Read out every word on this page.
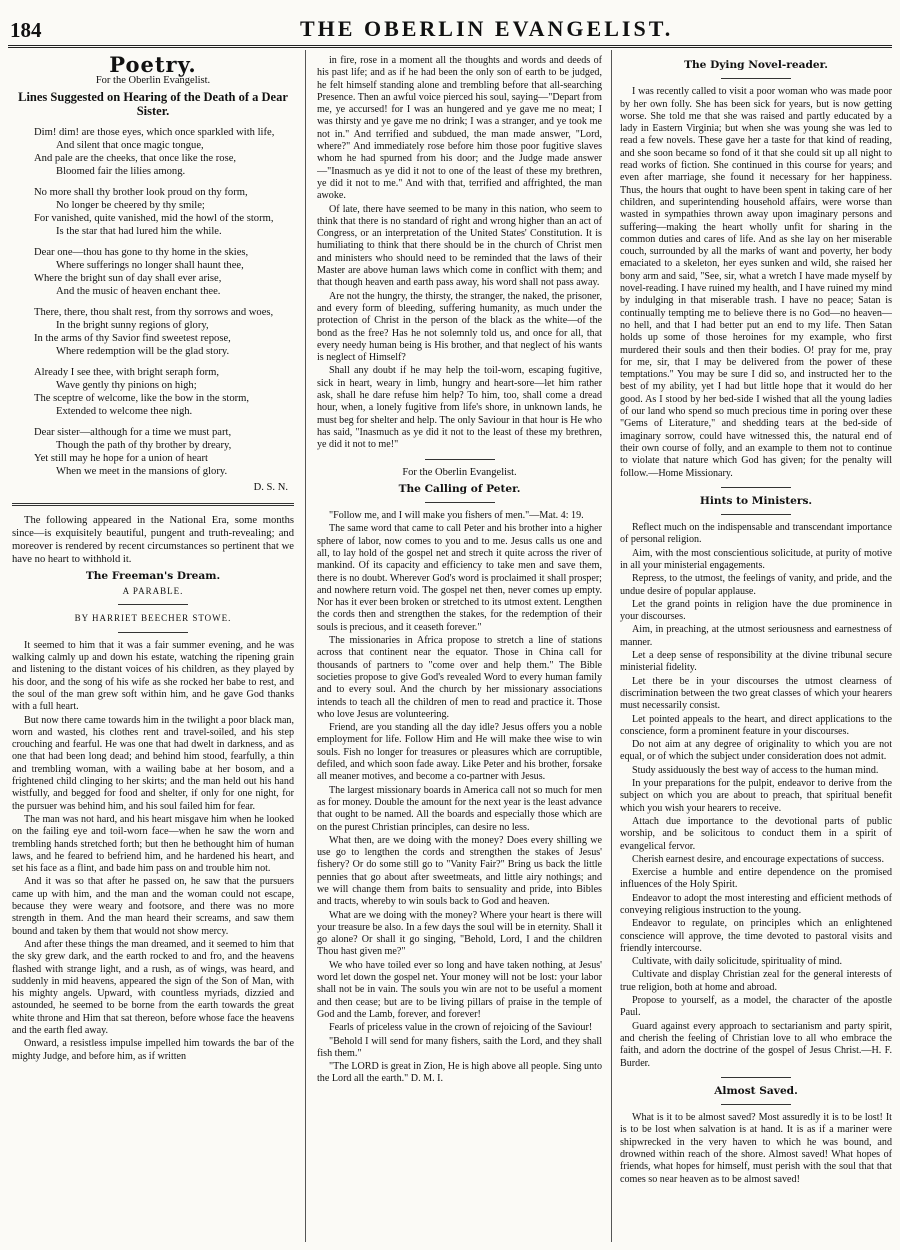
184	THE OBERLIN EVANGELIST.
Poetry.
For the Oberlin Evangelist.
Lines Suggested on Hearing of the Death of a Dear Sister.
Dim! dim! are those eyes, which once sparkled with life,
And silent that once magic tongue,
And pale are the cheeks, that once like the rose,
Bloomed fair the lilies among.
No more shall thy brother look proud on thy form,
No longer be cheered by thy smile;
For vanished, quite vanished, mid the howl of the storm,
Is the star that had lured him the while.
Dear one—thou has gone to thy home in the skies,
Where sufferings no longer shall haunt thee,
Where the bright sun of day shall ever arise,
And the music of heaven enchant thee.
There, there, thou shalt rest, from thy sorrows and woes,
In the bright sunny regions of glory,
In the arms of thy Savior find sweetest repose,
Where redemption will be the glad story.
Already I see thee, with bright seraph form,
Wave gently thy pinions on high;
The sceptre of welcome, like the bow in the storm,
Extended to welcome thee nigh.
Dear sister—although for a time we must part,
Though the path of thy brother by dreary,
Yet still may he hope for a union of heart
When we meet in the mansions of glory.
D. S. N.
The following appeared in the National Era, some months since—is exquisitely beautiful, pungent and truth-revealing; and moreover is rendered by recent circumstances so pertinent that we have no heart to withhold it.
The Freeman's Dream.
A PARABLE.
BY HARRIET BEECHER STOWE.

It seemed to him that it was a fair summer evening, and he was walking calmly up and down his estate, watching the ripening grain and listening to the distant voices of his children, as they played by his door, and the song of his wife as she rocked her babe to rest, and the soul of the man grew soft within him, and he gave God thanks with a full heart.

But now there came towards him in the twilight a poor black man, worn and wasted, his clothes rent and travel-soiled, and his step crouching and fearful. He was one that had dwelt in darkness, and as one that had been long dead; and behind him stood, fearfully, a thin and trembling woman, with a wailing babe at her bosom, and a frightened child clinging to her skirts; and the man held out his hand wistfully, and begged for food and shelter, if only for one night, for the pursuer was behind him, and his soul failed him for fear.

The man was not hard, and his heart misgave him when he looked on the failing eye and toil-worn face—when he saw the worn and trembling hands stretched forth; but then he bethought him of human laws, and he feared to befriend him, and he hardened his heart, and set his face as a flint, and bade him pass on and trouble him not.

And it was so that after he passed on, he saw that the pursuers came up with him, and the man and the woman could not escape, because they were weary and footsore, and there was no more strength in them. And the man heard their screams, and saw them bound and taken by them that would not show mercy.

And after these things the man dreamed, and it seemed to him that the sky grew dark, and the earth rocked to and fro, and the heavens flashed with strange light, and a rush, as of wings, was heard, and suddenly in mid heavens, appeared the sign of the Son of Man, with his mighty angels. Upward, with countless myriads, dizzied and astounded, he seemed to be borne from the earth towards the great white throne and Him that sat thereon, before whose face the heavens and the earth fled away.

Onward, a resistless impulse impelled him towards the bar of the mighty Judge, and before him, as if written

in fire, rose in a moment all the thoughts and words and deeds of his past life; and as if he had been the only son of earth to be judged, he felt himself standing alone and trembling before that all-searching Presence. Then an awful voice pierced his soul, saying—"Depart from me, ye accursed! for I was an hungered and ye gave me no meat; I was thirsty and ye gave me no drink; I was a stranger, and ye took me not in." And terrified and subdued, the man made answer, "Lord, where?" And immediately rose before him those poor fugitive slaves whom he had spurned from his door; and the Judge made answer—"Inasmuch as ye did it not to one of the least of these my brethren, ye did it not to me." And with that, terrified and affrighted, the man awoke.

Of late, there have seemed to be many in this nation, who seem to think that there is no standard of right and wrong higher than an act of Congress, or an interpretation of the United States' Constitution. It is humiliating to think that there should be in the church of Christ men and ministers who should need to be reminded that the laws of their Master are above human laws which come in conflict with them; and that though heaven and earth pass away, his word shall not pass away.

Are not the hungry, the thirsty, the stranger, the naked, the prisoner, and every form of bleeding, suffering humanity, as much under the protection of Christ in the person of the black as the white—of the bond as the free? Has he not solemnly told us, and once for all, that every needy human being is His brother, and that neglect of his wants is neglect of Himself?

Shall any doubt if he may help the toil-worn, escaping fugitive, sick in heart, weary in limb, hungry and heart-sore—let him rather ask, shall he dare refuse him help? To him, too, shall come a dread hour, when, a lonely fugitive from life's shore, in unknown lands, he must beg for shelter and help. The only Saviour in that hour is He who has said, "Inasmuch as ye did it not to the least of these my brethren, ye did it not to me!"

For the Oberlin Evangelist.
The Calling of Peter.

"Follow me, and I will make you fishers of men."—Mat. 4: 19.

The same word that came to call Peter and his brother into a higher sphere of labor, now comes to you and to me. Jesus calls us one and all, to lay hold of the gospel net and strech it quite across the river of mankind. Of its capacity and efficiency to take men and save them, there is no doubt. Wherever God's word is proclaimed it shall prosper; and nowhere return void. The gospel net then, never comes up empty. Nor has it ever been broken or stretched to its utmost extent. Lengthen the cords then and strengthen the stakes, for the redemption of their souls is precious, and it ceaseth forever."

The missionaries in Africa propose to stretch a line of stations across that continent near the equator. Those in China call for thousands of partners to "come over and help them." The Bible societies propose to give God's revealed Word to every human family and to every soul. And the church by her missionary associations intends to teach all the children of men to read and practice it. Those who love Jesus are volunteering.

Friend, are you standing all the day idle? Jesus offers you a noble employment for life. Follow Him and He will make thee wise to win souls. Fish no longer for treasures or pleasures which are corruptible, defiled, and which soon fade away. Like Peter and his brother, forsake all meaner motives, and become a co-partner with Jesus.

The largest missionary boards in America call not so much for men as for money. Double the amount for the next year is the least advance that ought to be named. All the boards and especially those which are on the purest Christian principles, can desire no less.

What then, are we doing with the money? Does every shilling we use go to lengthen the cords and strengthen the stakes of Jesus' fishery? Or do some still go to "Vanity Fair?" Bring us back the little pennies that go about after sweetmeats, and little airy nothings; and we will change them from baits to sensuality and pride, into Bibles and tracts, whereby to win souls back to God and heaven.

What are we doing with the money? Where your heart is there will your treasure be also. In a few days the soul will be in eternity. Shall it go alone? Or shall it go singing, "Behold, Lord, I and the children Thou hast given me?"

We who have toiled ever so long and have taken nothing, at Jesus' word let down the gospel net. Your money will not be lost: your labor shall not be in vain. The souls you win are not to be useful a moment and then cease; but are to be living pillars of praise in the temple of God and the Lamb, forever, and forever!

Fearls of priceless value in the crown of rejoicing of the Saviour!

"Behold I will send for many fishers, saith the Lord, and they shall fish them."

"The LORD is great in Zion, He is high above all people. Sing unto the Lord all the earth." D. M. I.

The Dying Novel-reader.

I was recently called to visit a poor woman who was made poor by her own folly. She has been sick for years, but is now getting worse. She told me that she was raised and partly educated by a lady in Eastern Virginia; but when she was young she was led to read a few novels. These gave her a taste for that kind of reading, and she soon became so fond of it that she could sit up all night to read works of fiction. She continued in this course for years; and even after marriage, she found it necessary for her happiness. Thus, the hours that ought to have been spent in taking care of her children, and superintending household affairs, were worse than wasted in sympathies thrown away upon imaginary persons and suffering—making the heart wholly unfit for sharing in the common duties and cares of life. And as she lay on her miserable couch, surrounded by all the marks of want and poverty, her body emaciated to a skeleton, her eyes sunken and wild, she raised her bony arm and said, "See, sir, what a wretch I have made myself by novel-reading. I have ruined my health, and I have ruined my mind by indulging in that miserable trash. I have no peace; Satan is continually tempting me to believe there is no God—no heaven—no hell, and that I had better put an end to my life. Then Satan holds up some of those heroines for my example, who first murdered their souls and then their bodies. O! pray for me, pray for me, sir, that I may be delivered from the power of these temptations." You may be sure I did so, and instructed her to the best of my ability, yet I had but little hope that it would do her good. As I stood by her bed-side I wished that all the young ladies of our land who spend so much precious time in poring over these "Gems of Literature," and shedding tears at the bed-side of imaginary sorrow, could have witnessed this, the natural end of their own course of folly, and an example to them not to continue to violate that nature which God has given; for the penalty will follow.—Home Missionary.

Hints to Ministers.

Reflect much on the indispensable and transcendant importance of personal religion.

Aim, with the most conscientious solicitude, at purity of motive in all your ministerial engagements.

Repress, to the utmost, the feelings of vanity, and pride, and the undue desire of popular applause.

Let the grand points in religion have the due prominence in your discourses.

Aim, in preaching, at the utmost seriousness and earnestness of manner.

Let a deep sense of responsibility at the divine tribunal secure ministerial fidelity.

Let there be in your discourses the utmost clearness of discrimination between the two great classes of which your hearers must necessarily consist.

Let pointed appeals to the heart, and direct applications to the conscience, form a prominent feature in your discourses.

Do not aim at any degree of originality to which you are not equal, or of which the subject under consideration does not admit.

Study assiduously the best way of access to the human mind.

In your preparations for the pulpit, endeavor to derive from the subject on which you are about to preach, that spiritual benefit which you wish your hearers to receive.

Attach due importance to the devotional parts of public worship, and be solicitous to conduct them in a spirit of evangelical fervor.

Cherish earnest desire, and encourage expectations of success.

Exercise a humble and entire dependence on the promised influences of the Holy Spirit.

Endeavor to adopt the most interesting and efficient methods of conveying religious instruction to the young.

Endeavor to regulate, on principles which an enlightened conscience will approve, the time devoted to pastoral visits and friendly intercourse.

Cultivate, with daily solicitude, spirituality of mind.

Cultivate and display Christian zeal for the general interests of true religion, both at home and abroad.

Propose to yourself, as a model, the character of the apostle Paul.

Guard against every approach to sectarianism and party spirit, and cherish the feeling of Christian love to all who embrace the faith, and adorn the doctrine of the gospel of Jesus Christ.—H. F. Burder.

Almost Saved.

What is it to be almost saved? Most assuredly it is to be lost! It is to be lost when salvation is at hand. It is as if a mariner were shipwrecked in the very haven to which he was bound, and drowned within reach of the shore. Almost saved! What hopes of friends, what hopes for himself, must perish with the soul that that comes so near heaven as to be almost saved!
